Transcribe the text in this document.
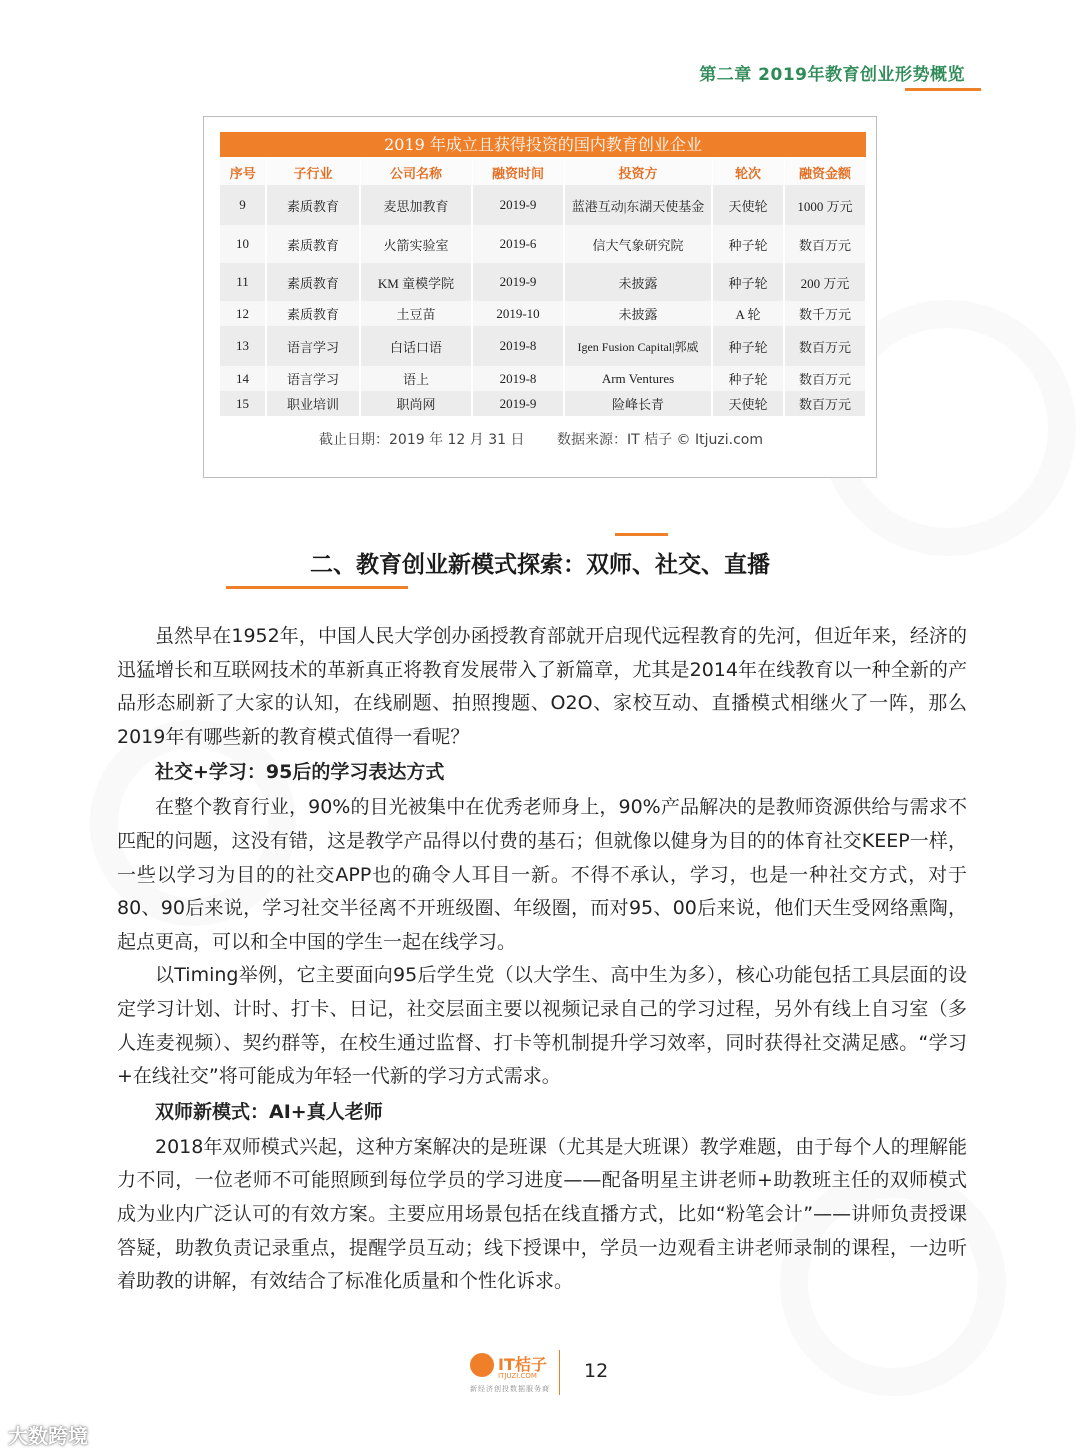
第二章 2019年教育创业形势概览
2019 年成立且获得投资的国内教育创业企业
序号	子行业	公司名称	融资时间	投资方	轮次	融资金额
9	素质教育	麦思加教育	2019-9	蓝港互动|东湖天使基金	天使轮	1000 万元
10	素质教育	火箭实验室	2019-6	信大气象研究院	种子轮	数百万元
11	素质教育	KM 童模学院	2019-9	未披露	种子轮	200 万元
12	素质教育	土豆苗	2019-10	未披露	A 轮	数千万元
13	语言学习	白话口语	2019-8	Igen Fusion Capital|郭威	种子轮	数百万元
14	语言学习	语上	2019-8	Arm Ventures	种子轮	数百万元
15	职业培训	职尚网	2019-9	险峰长青	天使轮	数百万元
截止日期：2019 年 12 月 31 日 数据来源：IT 桔子 © Itjuzi.com
二、教育创业新模式探索：双师、社交、直播

虽然早在1952年，中国人民大学创办函授教育部就开启现代远程教育的先河，但近年来，经济的迅猛增长和互联网技术的革新真正将教育发展带入了新篇章，尤其是2014年在线教育以一种全新的产品形态刷新了大家的认知，在线刷题、拍照搜题、O2O、家校互动、直播模式相继火了一阵，那么2019年有哪些新的教育模式值得一看呢？

社交+学习：95后的学习表达方式

在整个教育行业，90%的目光被集中在优秀老师身上，90%产品解决的是教师资源供给与需求不匹配的问题，这没有错，这是教学产品得以付费的基石；但就像以健身为目的的体育社交KEEP一样，一些以学习为目的的社交APP也的确令人耳目一新。不得不承认，学习，也是一种社交方式，对于80、90后来说，学习社交半径离不开班级圈、年级圈，而对95、00后来说，他们天生受网络熏陶，起点更高，可以和全中国的学生一起在线学习。

以Timing举例，它主要面向95后学生党（以大学生、高中生为多），核心功能包括工具层面的设定学习计划、计时、打卡、日记，社交层面主要以视频记录自己的学习过程，另外有线上自习室（多人连麦视频）、契约群等，在校生通过监督、打卡等机制提升学习效率，同时获得社交满足感。“学习+在线社交”将可能成为年轻一代新的学习方式需求。

双师新模式：AI+真人老师

2018年双师模式兴起，这种方案解决的是班课（尤其是大班课）教学难题，由于每个人的理解能力不同，一位老师不可能照顾到每位学员的学习进度——配备明星主讲老师+助教班主任的双师模式成为业内广泛认可的有效方案。主要应用场景包括在线直播方式，比如“粉笔会计”——讲师负责授课答疑，助教负责记录重点，提醒学员互动；线下授课中，学员一边观看主讲老师录制的课程，一边听着助教的讲解，有效结合了标准化质量和个性化诉求。

IT桔子
ITJUZI.COM
新经济创投数据服务商
12
大数跨境
